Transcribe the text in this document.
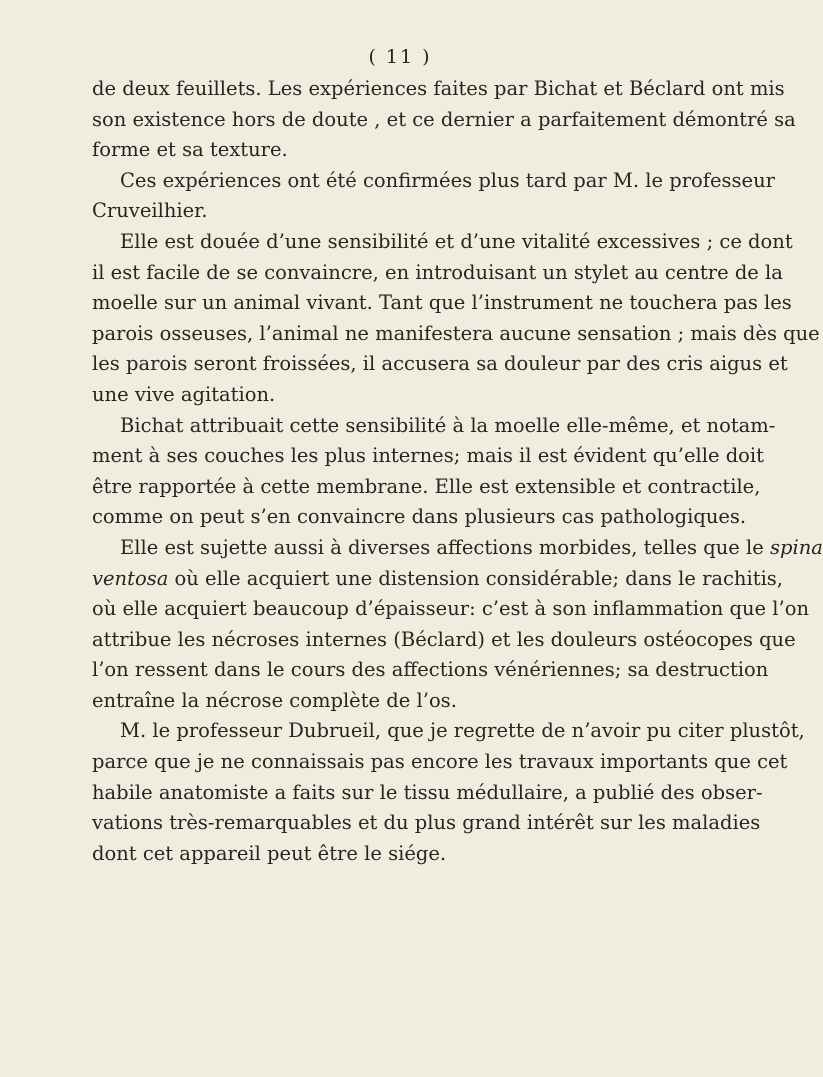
( 11 )
de deux feuillets. Les expériences faites par Bichat et Béclard ont mis
son existence hors de doute , et ce dernier a parfaitement démontré sa
forme et sa texture.
Ces expériences ont été confirmées plus tard par M. le professeur
Cruveilhier.
Elle est douée d’une sensibilité et d’une vitalité excessives ; ce dont
il est facile de se convaincre, en introduisant un stylet au centre de la
moelle sur un animal vivant. Tant que l’instrument ne touchera pas les
parois osseuses, l’animal ne manifestera aucune sensation ; mais dès que
les parois seront froissées, il accusera sa douleur par des cris aigus et
une vive agitation.
Bichat attribuait cette sensibilité à la moelle elle-même, et notam-
ment à ses couches les plus internes; mais il est évident qu’elle doit
être rapportée à cette membrane. Elle est extensible et contractile,
comme on peut s’en convaincre dans plusieurs cas pathologiques.
Elle est sujette aussi à diverses affections morbides, telles que le spina
ventosa où elle acquiert une distension considérable; dans le rachitis,
où elle acquiert beaucoup d’épaisseur: c’est à son inflammation que l’on
attribue les nécroses internes (Béclard) et les douleurs ostéocopes que
l’on ressent dans le cours des affections vénériennes; sa destruction
entraîne la nécrose complète de l’os.
M. le professeur Dubrueil, que je regrette de n’avoir pu citer plustôt,
parce que je ne connaissais pas encore les travaux importants que cet
habile anatomiste a faits sur le tissu médullaire, a publié des obser-
vations très-remarquables et du plus grand intérêt sur les maladies
dont cet appareil peut être le siége.
